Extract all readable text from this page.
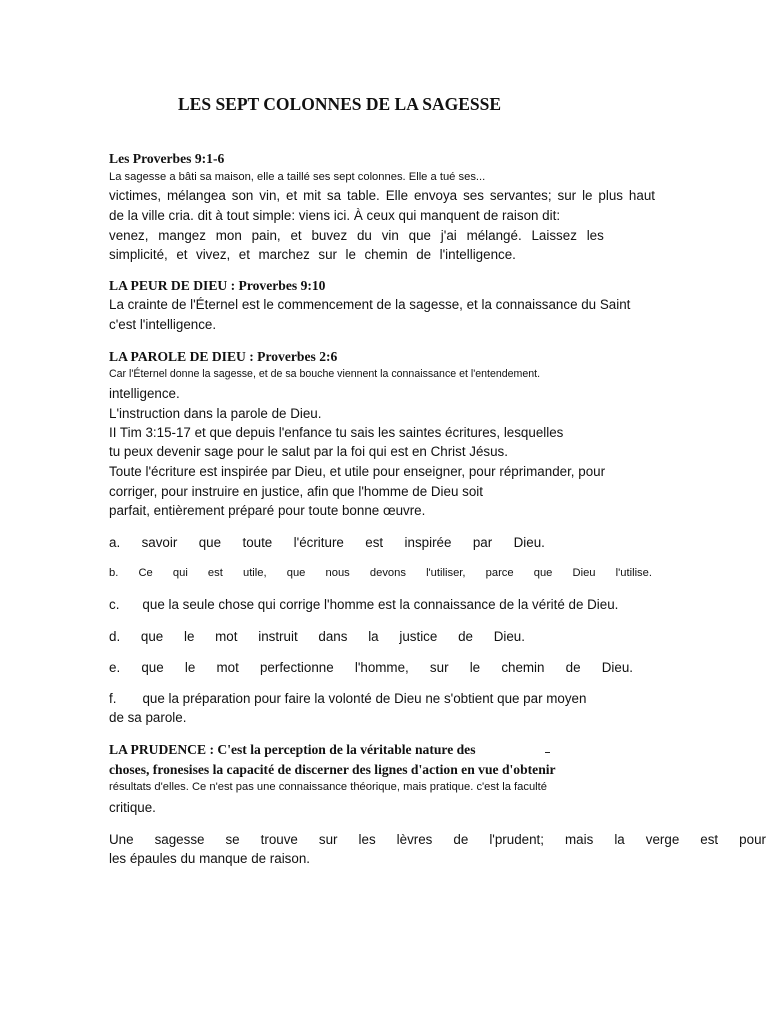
LES SEPT COLONNES DE LA SAGESSE
Les Proverbes 9:1-6
La sagesse a bâti sa maison, elle a taillé ses sept colonnes. Elle a tué ses...
victimes, mélangea son vin, et mit sa table. Elle envoya ses servantes; sur le plus haut
de la ville cria. dit à tout simple: viens ici. À ceux qui manquent de raison dit:
venez, mangez mon pain, et buvez du vin que j'ai mélangé. Laissez les
simplicité, et vivez, et marchez sur le chemin de l'intelligence.
LA PEUR DE DIEU : Proverbes 9:10
La crainte de l'Éternel est le commencement de la sagesse, et la connaissance du Saint
c'est l'intelligence.
LA PAROLE DE DIEU : Proverbes 2:6
Car l'Éternel donne la sagesse, et de sa bouche viennent la connaissance et l'entendement.
intelligence.
L'instruction dans la parole de Dieu.
II Tim 3:15-17 et que depuis l'enfance tu sais les saintes écritures, lesquelles
tu peux devenir sage pour le salut par la foi qui est en Christ Jésus.
Toute l'écriture est inspirée par Dieu, et utile pour enseigner, pour réprimander, pour
corriger, pour instruire en justice, afin que l'homme de Dieu soit
parfait, entièrement préparé pour toute bonne œuvre.
a. savoir que toute l'écriture est inspirée par Dieu.
b. Ce qui est utile, que nous devons l'utiliser, parce que Dieu l'utilise.
c. que la seule chose qui corrige l'homme est la connaissance de la vérité de Dieu.
d. que le mot instruit dans la justice de Dieu.
e. que le mot perfectionne l'homme, sur le chemin de Dieu.
f. que la préparation pour faire la volonté de Dieu ne s'obtient que par moyen
de sa parole.
LA PRUDENCE : C'est la perception de la véritable nature des
choses, fronesises la capacité de discerner des lignes d'action en vue d'obtenir
résultats d'elles. Ce n'est pas une connaissance théorique, mais pratique. c'est la faculté
critique.
Une sagesse se trouve sur les lèvres de l'prudent; mais la verge est pour
les épaules du manque de raison.
